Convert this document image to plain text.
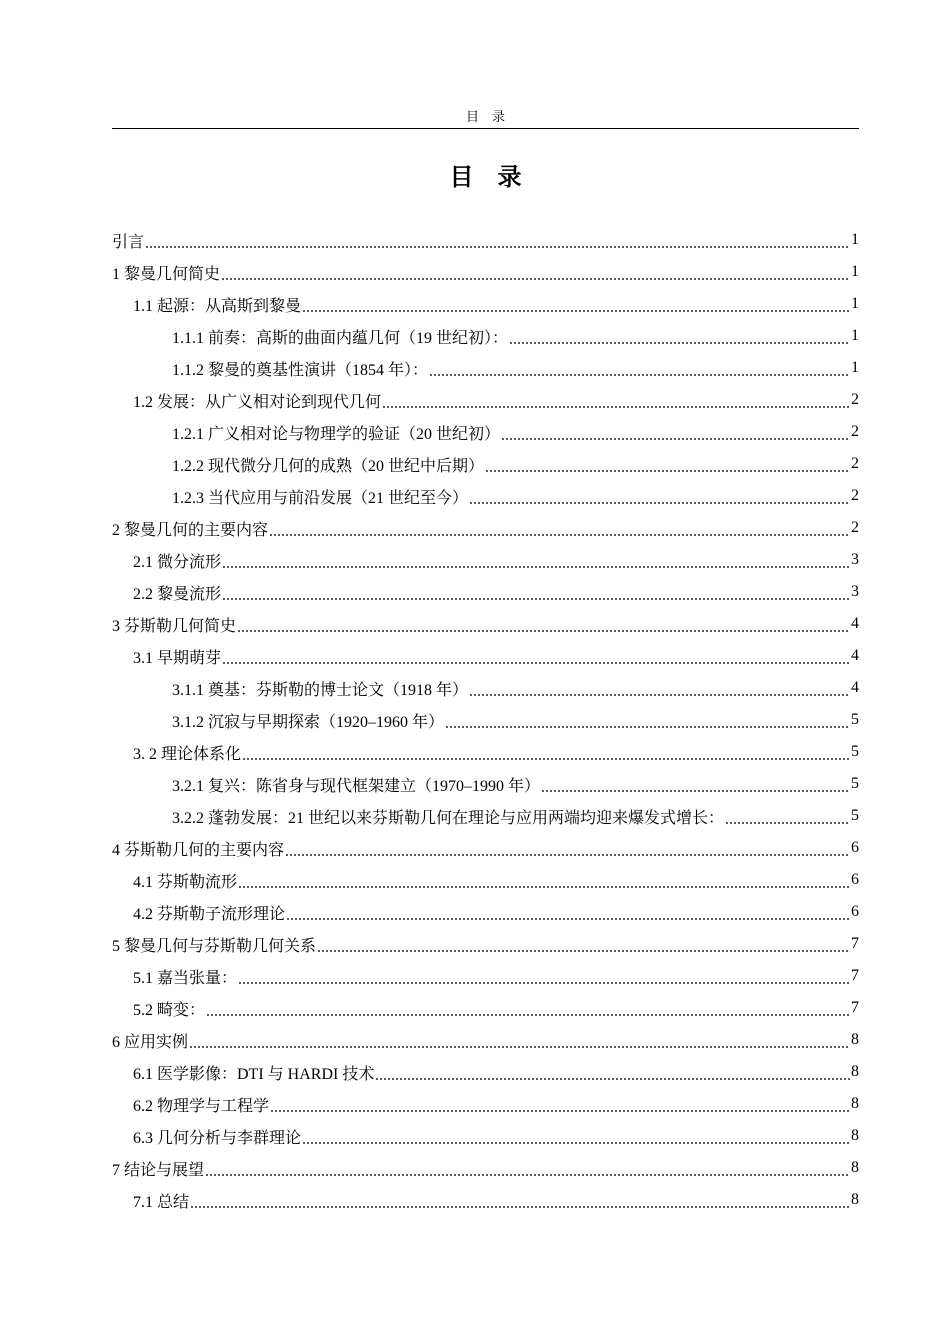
目　录
目　录
引言	1
1 黎曼几何简史	1
1.1 起源：从高斯到黎曼	1
1.1.1 前奏：高斯的曲面内蕴几何（19 世纪初）：	1
1.1.2 黎曼的奠基性演讲（1854 年）：	1
1.2 发展：从广义相对论到现代几何	2
1.2.1 广义相对论与物理学的验证（20 世纪初）	2
1.2.2 现代微分几何的成熟（20 世纪中后期）	2
1.2.3 当代应用与前沿发展（21 世纪至今）	2
2 黎曼几何的主要内容	2
2.1 微分流形	3
2.2 黎曼流形	3
3 芬斯勒几何简史	4
3.1 早期萌芽	4
3.1.1 奠基：芬斯勒的博士论文（1918 年）	4
3.1.2 沉寂与早期探索（1920–1960 年）	5
3. 2 理论体系化	5
3.2.1 复兴：陈省身与现代框架建立（1970–1990 年）	5
3.2.2 蓬勃发展：21 世纪以来芬斯勒几何在理论与应用两端均迎来爆发式增长：	5
4 芬斯勒几何的主要内容	6
4.1 芬斯勒流形	6
4.2 芬斯勒子流形理论	6
5 黎曼几何与芬斯勒几何关系	7
5.1 嘉当张量：	7
5.2 畸变：	7
6 应用实例	8
6.1 医学影像：DTI 与 HARDI 技术	8
6.2 物理学与工程学	8
6.3 几何分析与李群理论	8
7 结论与展望	8
7.1 总结	8
